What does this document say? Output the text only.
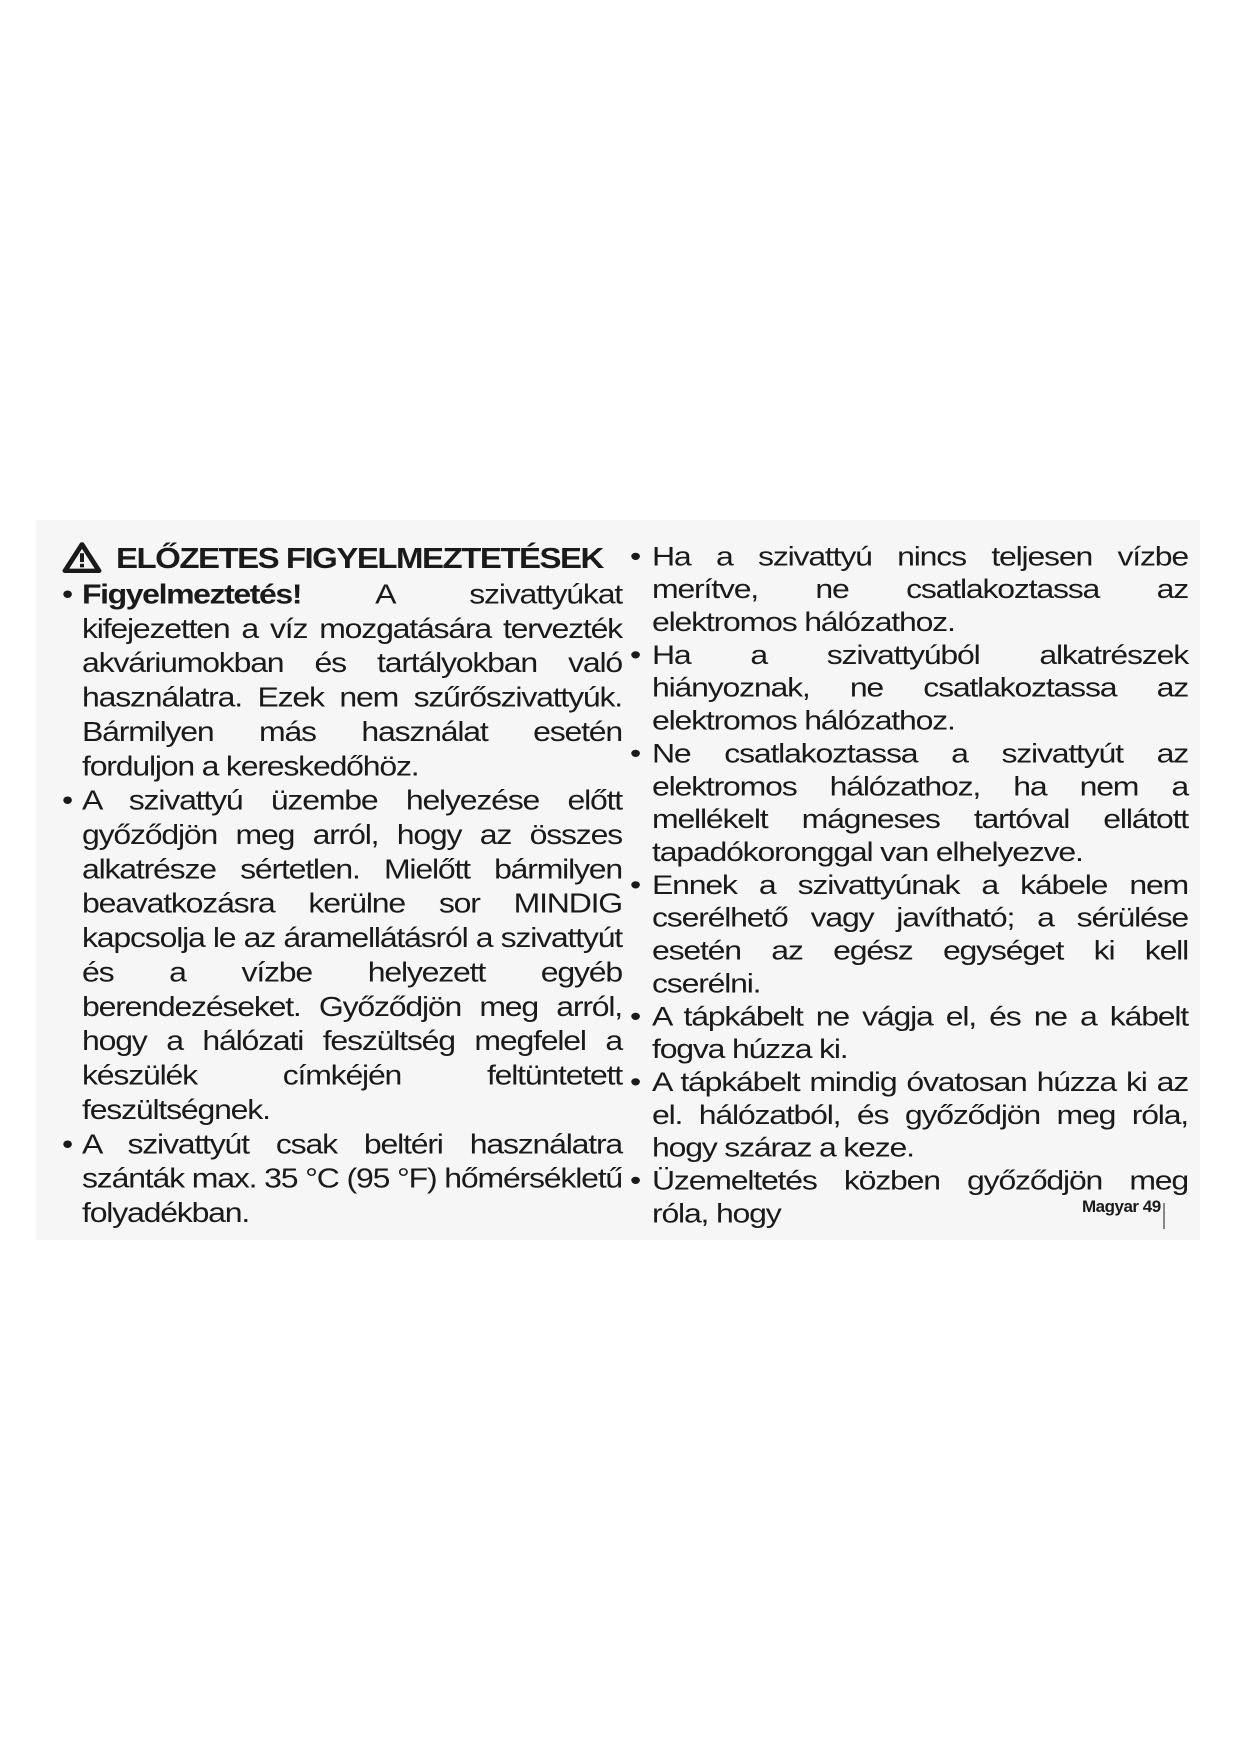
ELŐZETES FIGYELMEZTETÉSEK
• Figyelmeztetés! A szivattyúkat kifejezetten a víz mozgatására tervezték akváriumokban és tartályokban való használatra. Ezek nem szűrőszivattyúk. Bármilyen más használat esetén forduljon a kereskedőhöz.
• A szivattyú üzembe helyezése előtt győződjön meg arról, hogy az összes alkatrésze sértetlen. Mielőtt bármilyen beavatkozásra kerülne sor MINDIG kapcsolja le az áramellátásról a szivattyút és a vízbe helyezett egyéb berendezéseket. Győződjön meg arról, hogy a hálózati feszültség megfelel a készülék címkéjén feltüntetett feszültségnek.
• A szivattyút csak beltéri használatra szánták max. 35 °C (95 °F) hőmérsékletű folyadékban.
• Ha a szivattyú nincs teljesen vízbe merítve, ne csatlakoztassa az elektromos hálózathoz.
• Ha a szivattyúból alkatrészek hiányoznak, ne csatlakoztassa az elektromos hálózathoz.
• Ne csatlakoztassa a szivattyút az elektromos hálózathoz, ha nem a mellékelt mágneses tartóval ellátott tapadókoronggal van elhelyezve.
• Ennek a szivattyúnak a kábele nem cserélhető vagy javítható; a sérülése esetén az egész egységet ki kell cserélni.
• A tápkábelt ne vágja el, és ne a kábelt fogva húzza ki.
• A tápkábelt mindig óvatosan húzza ki az el. hálózatból, és győződjön meg róla, hogy száraz a keze.
• Üzemeltetés közben győződjön meg róla, hogy	Magyar
49
